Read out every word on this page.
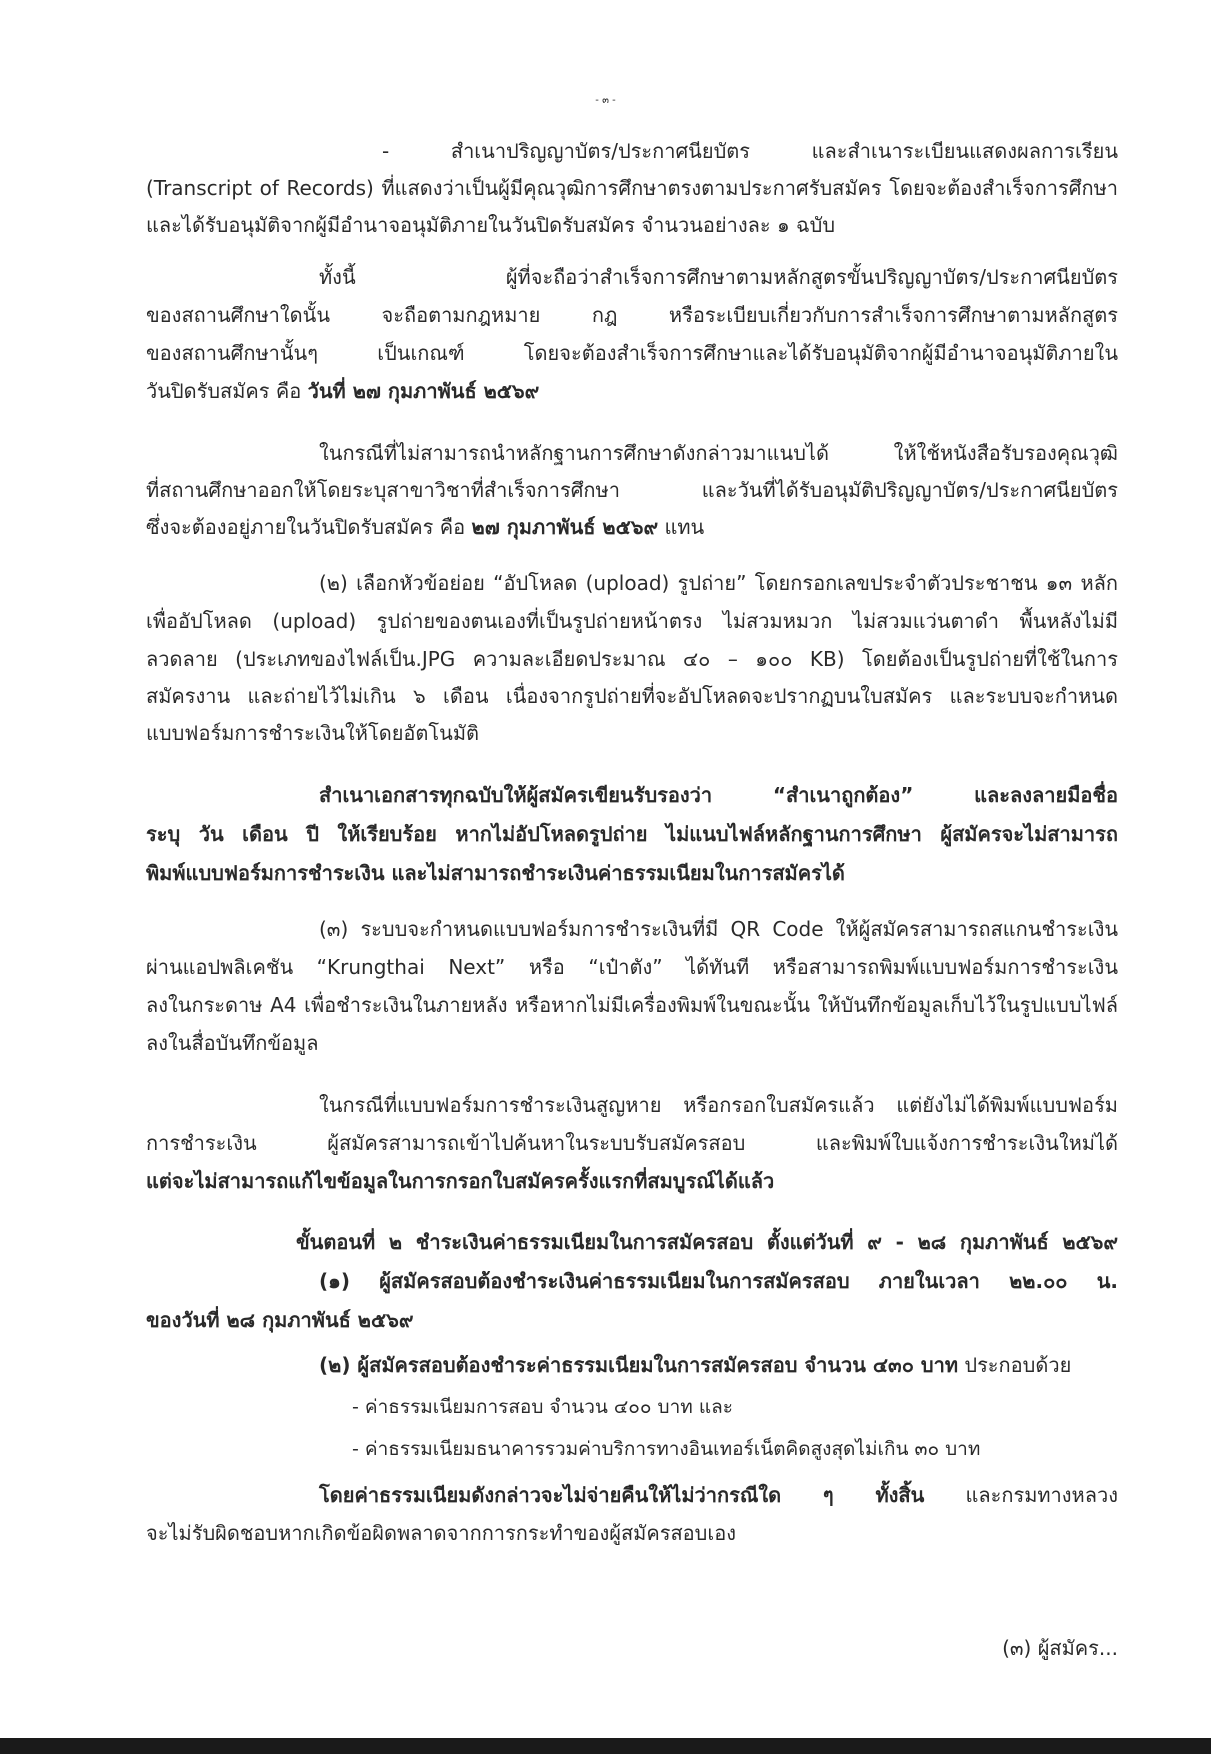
- ๓ -

- สำเนาปริญญาบัตร/ประกาศนียบัตร และสำเนาระเบียนแสดงผลการเรียน

(Transcript of Records) ที่แสดงว่าเป็นผู้มีคุณวุฒิการศึกษาตรงตามประกาศรับสมัคร โดยจะต้องสำเร็จการศึกษา

และได้รับอนุมัติจากผู้มีอำนาจอนุมัติภายในวันปิดรับสมัคร จำนวนอย่างละ ๑ ฉบับ

ทั้งนี้ ผู้ที่จะถือว่าสำเร็จการศึกษาตามหลักสูตรขั้นปริญญาบัตร/ประกาศนียบัตร

ของสถานศึกษาใดนั้น จะถือตามกฎหมาย กฎ หรือระเบียบเกี่ยวกับการสำเร็จการศึกษาตามหลักสูตร

ของสถานศึกษานั้นๆ เป็นเกณฑ์ โดยจะต้องสำเร็จการศึกษาและได้รับอนุมัติจากผู้มีอำนาจอนุมัติภายใน

วันปิดรับสมัคร คือ วันที่ ๒๗ กุมภาพันธ์ ๒๕๖๙

ในกรณีที่ไม่สามารถนำหลักฐานการศึกษาดังกล่าวมาแนบได้ ให้ใช้หนังสือรับรองคุณวุฒิ

ที่สถานศึกษาออกให้โดยระบุสาขาวิชาที่สำเร็จการศึกษา และวันที่ได้รับอนุมัติปริญญาบัตร/ประกาศนียบัตร

ซึ่งจะต้องอยู่ภายในวันปิดรับสมัคร คือ ๒๗ กุมภาพันธ์ ๒๕๖๙ แทน

(๒) เลือกหัวข้อย่อย “อัปโหลด (upload) รูปถ่าย” โดยกรอกเลขประจำตัวประชาชน ๑๓ หลัก

เพื่ออัปโหลด (upload) รูปถ่ายของตนเองที่เป็นรูปถ่ายหน้าตรง ไม่สวมหมวก ไม่สวมแว่นตาดำ พื้นหลังไม่มี

ลวดลาย (ประเภทของไฟล์เป็น.JPG ความละเอียดประมาณ ๔๐ – ๑๐๐ KB) โดยต้องเป็นรูปถ่ายที่ใช้ในการ

สมัครงาน และถ่ายไว้ไม่เกิน ๖ เดือน เนื่องจากรูปถ่ายที่จะอัปโหลดจะปรากฏบนใบสมัคร และระบบจะกำหนด

แบบฟอร์มการชำระเงินให้โดยอัตโนมัติ

สำเนาเอกสารทุกฉบับให้ผู้สมัครเขียนรับรองว่า “สำเนาถูกต้อง” และลงลายมือชื่อ

ระบุ วัน เดือน ปี ให้เรียบร้อย หากไม่อัปโหลดรูปถ่าย ไม่แนบไฟล์หลักฐานการศึกษา ผู้สมัครจะไม่สามารถ

พิมพ์แบบฟอร์มการชำระเงิน และไม่สามารถชำระเงินค่าธรรมเนียมในการสมัครได้

(๓) ระบบจะกำหนดแบบฟอร์มการชำระเงินที่มี QR Code ให้ผู้สมัครสามารถสแกนชำระเงิน

ผ่านแอปพลิเคชัน “Krungthai Next” หรือ “เป๋าตัง” ได้ทันที หรือสามารถพิมพ์แบบฟอร์มการชำระเงิน

ลงในกระดาษ A4 เพื่อชำระเงินในภายหลัง หรือหากไม่มีเครื่องพิมพ์ในขณะนั้น ให้บันทึกข้อมูลเก็บไว้ในรูปแบบไฟล์

ลงในสื่อบันทึกข้อมูล

ในกรณีที่แบบฟอร์มการชำระเงินสูญหาย หรือกรอกใบสมัครแล้ว แต่ยังไม่ได้พิมพ์แบบฟอร์ม

การชำระเงิน ผู้สมัครสามารถเข้าไปค้นหาในระบบรับสมัครสอบ และพิมพ์ใบแจ้งการชำระเงินใหม่ได้

แต่จะไม่สามารถแก้ไขข้อมูลในการกรอกใบสมัครครั้งแรกที่สมบูรณ์ได้แล้ว

ขั้นตอนที่ ๒ ชำระเงินค่าธรรมเนียมในการสมัครสอบ ตั้งแต่วันที่ ๙ - ๒๘ กุมภาพันธ์ ๒๕๖๙

(๑) ผู้สมัครสอบต้องชำระเงินค่าธรรมเนียมในการสมัครสอบ ภายในเวลา ๒๒.๐๐ น.

ของวันที่ ๒๘ กุมภาพันธ์ ๒๕๖๙

(๒) ผู้สมัครสอบต้องชำระค่าธรรมเนียมในการสมัครสอบ จำนวน ๔๓๐ บาท ประกอบด้วย

- ค่าธรรมเนียมการสอบ จำนวน ๔๐๐ บาท และ

- ค่าธรรมเนียมธนาคารรวมค่าบริการทางอินเทอร์เน็ตคิดสูงสุดไม่เกิน ๓๐ บาท

โดยค่าธรรมเนียมดังกล่าวจะไม่จ่ายคืนให้ไม่ว่ากรณีใด ๆ ทั้งสิ้น และกรมทางหลวง

จะไม่รับผิดชอบหากเกิดข้อผิดพลาดจากการกระทำของผู้สมัครสอบเอง

(๓) ผู้สมัคร...
